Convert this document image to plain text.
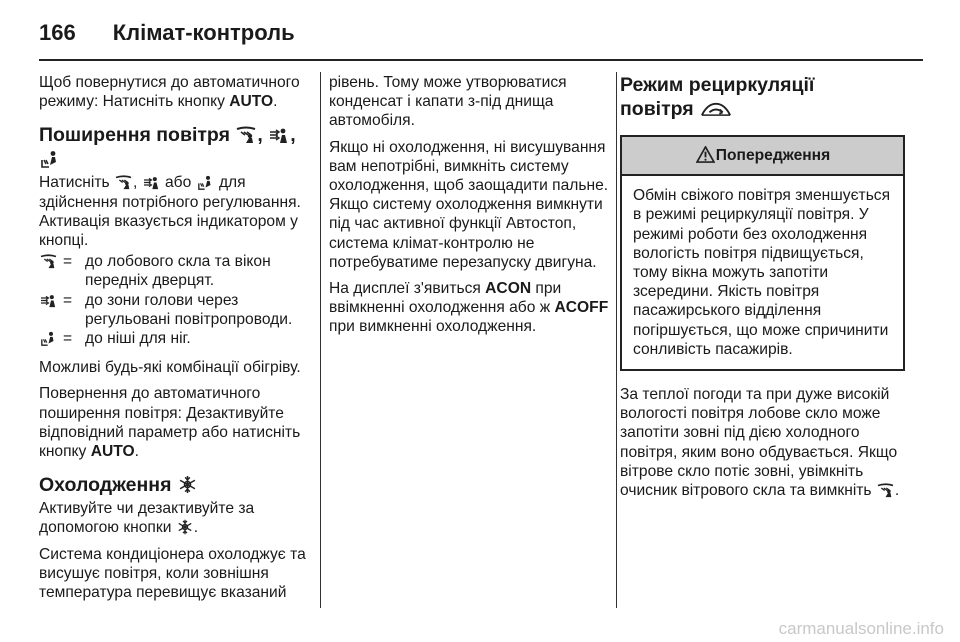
166 Клімат-контроль

Щоб повернутися до автоматичного режиму: Натисніть кнопку AUTO.

Поширення повітря , ,

Натисніть , або для здійснення потрібного регулювання. Активація вказується індикатором у кнопці.

= до лобового скла та вікон передніх дверцят.
= до зони голови через регульовані повітропроводи.
= до ніші для ніг.

Можливі будь-які комбінації обігріву.

Повернення до автоматичного поширення повітря: Дезактивуйте відповідний параметр або натисніть кнопку AUTO.

Охолодження

Активуйте чи дезактивуйте за допомогою кнопки .

Система кондиціонера охолоджує та висушує повітря, коли зовнішня температура перевищує вказаний

рівень. Тому може утворюватися конденсат і капати з-під днища автомобіля.

Якщо ні охолодження, ні висушування вам непотрібні, вимкніть систему охолодження, щоб заощадити пальне. Якщо систему охолодження вимкнути під час активної функції Автостоп, система клімат-контролю не потребуватиме перезапуску двигуна.

На дисплеї з'явиться ACON при ввімкненні охолодження або ж ACOFF при вимкненні охолодження.

Режим рециркуляції
повітря
Попередження
Обмін свіжого повітря зменшується в режимі рециркуляції повітря. У режимі роботи без охолодження вологість повітря підвищується, тому вікна можуть запотіти зсередини. Якість повітря пасажирського відділення погіршується, що може спричинити сонливість пасажирів.

За теплої погоди та при дуже високій вологості повітря лобове скло може запотіти зовні під дією холодного повітря, яким воно обдувається. Якщо вітрове скло потіє зовні, увімкніть очисник вітрового скла та вимкніть .

carmanualsonline.info
